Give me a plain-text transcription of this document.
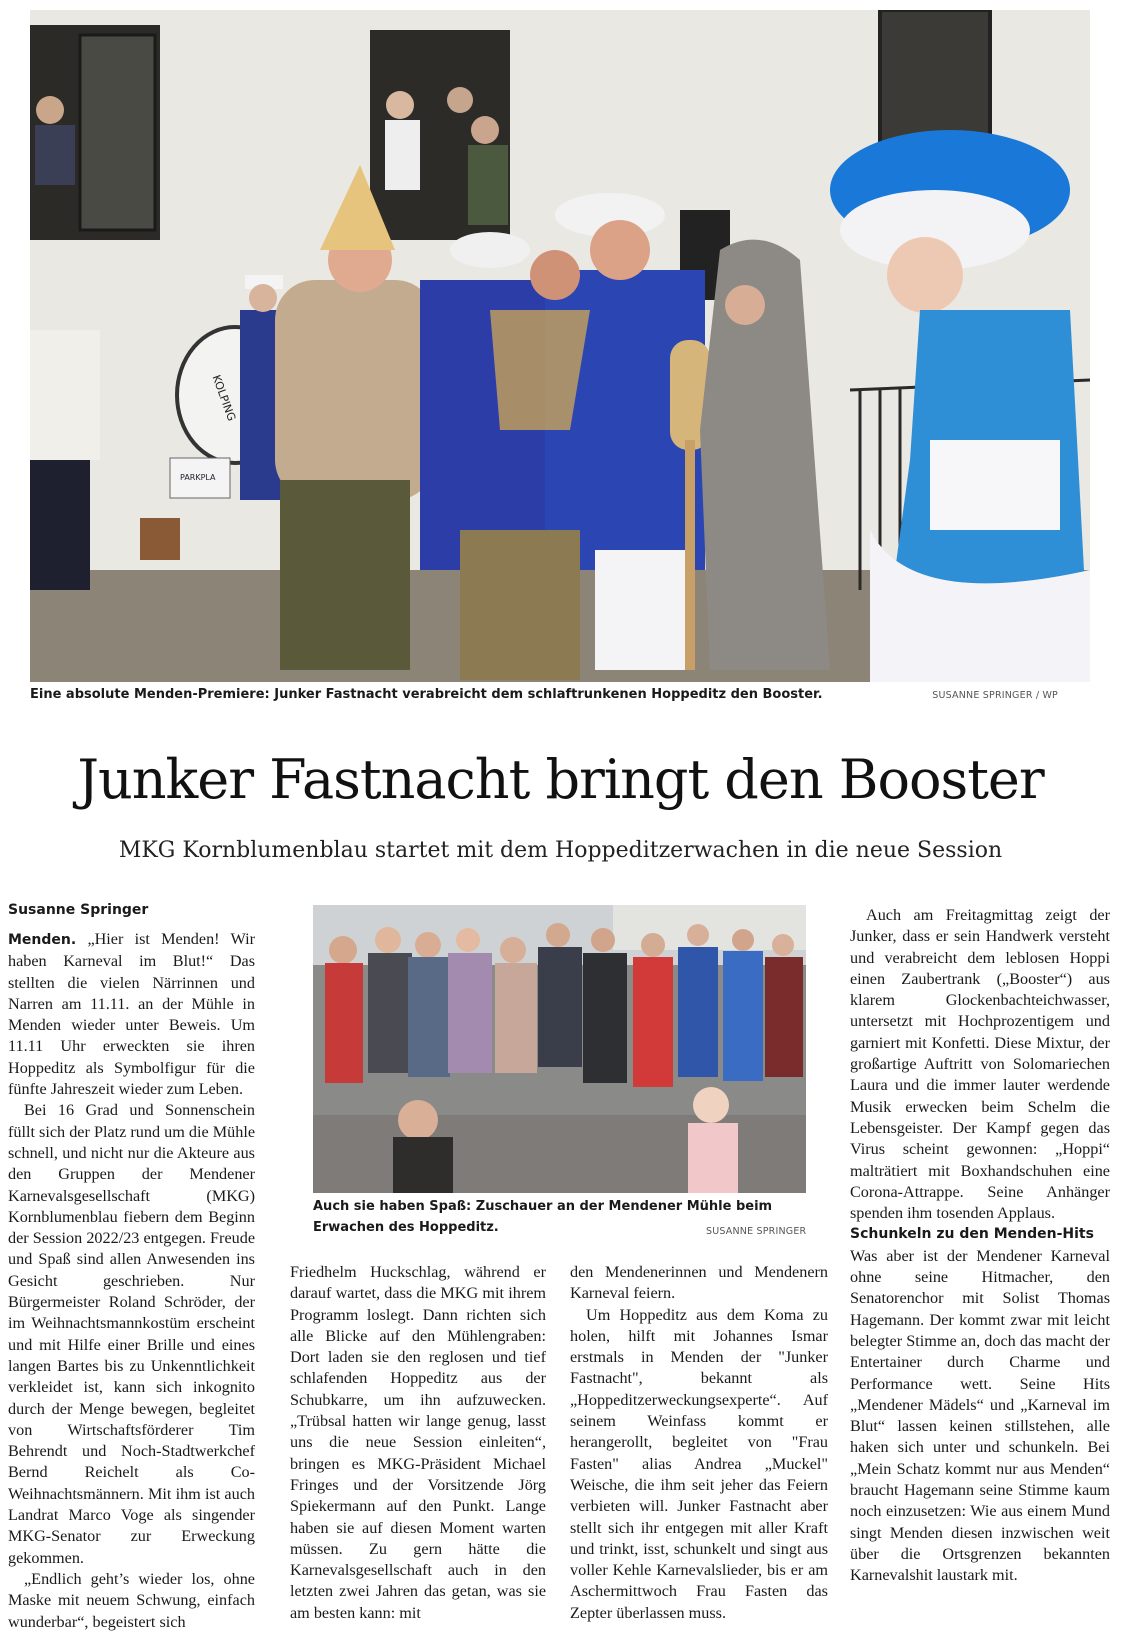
KOLPING
PARKPLA
Eine absolute Menden-Premiere: Junker Fastnacht verabreicht dem schlaftrunkenen Hoppeditz den Booster.	SUSANNE SPRINGER / WP
Junker Fastnacht bringt den Booster
MKG Kornblumenblau startet mit dem Hoppeditzerwachen in die neue Session
Susanne Springer

Menden. „Hier ist Menden! Wir haben Karneval im Blut!“ Das stellten die vielen Närrinnen und Narren am 11.11. an der Mühle in Menden wieder unter Beweis. Um 11.11 Uhr erweckten sie ihren Hoppeditz als Symbolfigur für die fünfte Jahreszeit wieder zum Leben.

Bei 16 Grad und Sonnenschein füllt sich der Platz rund um die Mühle schnell, und nicht nur die Akteure aus den Gruppen der Mendener Karnevalsgesellschaft (MKG) Kornblumenblau fiebern dem Beginn der Session 2022/23 entgegen. Freude und Spaß sind allen Anwesenden ins Gesicht geschrieben. Nur Bürgermeister Roland Schröder, der im Weihnachtsmannkostüm erscheint und mit Hilfe einer Brille und eines langen Bartes bis zu Unkenntlichkeit verkleidet ist, kann sich inkognito durch der Menge bewegen, begleitet von Wirtschaftsförderer Tim Behrendt und Noch-Stadtwerkchef Bernd Reichelt als Co-Weihnachtsmännern. Mit ihm ist auch Landrat Marco Voge als singender MKG-Senator zur Erweckung gekommen.

„Endlich geht’s wieder los, ohne Maske mit neuem Schwung, einfach wunderbar“, begeistert sich

Auch sie haben Spaß: Zuschauer an der Mendener Mühle beim
Erwachen des Hoppeditz.	SUSANNE SPRINGER

Friedhelm Huckschlag, während er darauf wartet, dass die MKG mit ihrem Programm loslegt. Dann richten sich alle Blicke auf den Mühlengraben: Dort laden sie den reglosen und tief schlafenden Hoppeditz aus der Schubkarre, um ihn aufzuwecken. „Trübsal hatten wir lange genug, lasst uns die neue Session einleiten“, bringen es MKG-Präsident Michael Fringes und der Vorsitzende Jörg Spiekermann auf den Punkt. Lange haben sie auf diesen Moment warten müssen. Zu gern hätte die Karnevalsgesellschaft auch in den letzten zwei Jahren das getan, was sie am besten kann: mit

den Mendenerinnen und Mendenern Karneval feiern.

Um Hoppeditz aus dem Koma zu holen, hilft mit Johannes Ismar erstmals in Menden der "Junker Fastnacht", bekannt als „Hoppeditzerweckungsexperte“. Auf seinem Weinfass kommt er herangerollt, begleitet von "Frau Fasten" alias Andrea „Muckel" Weische, die ihm seit jeher das Feiern verbieten will. Junker Fastnacht aber stellt sich ihr entgegen mit aller Kraft und trinkt, isst, schunkelt und singt aus voller Kehle Karnevalslieder, bis er am Aschermittwoch Frau Fasten das Zepter überlassen muss.

Auch am Freitagmittag zeigt der Junker, dass er sein Handwerk versteht und verabreicht dem leblosen Hoppi einen Zaubertrank („Booster“) aus klarem Glockenbachteichwasser, untersetzt mit Hochprozentigem und garniert mit Konfetti. Diese Mixtur, der großartige Auftritt von Solomariechen Laura und die immer lauter werdende Musik erwecken beim Schelm die Lebensgeister. Der Kampf gegen das Virus scheint gewonnen: „Hoppi“ malträtiert mit Boxhandschuhen eine Corona-Attrappe. Seine Anhänger spenden ihm tosenden Applaus.

Schunkeln zu den Menden-Hits

Was aber ist der Mendener Karneval ohne seine Hitmacher, den Senatorenchor mit Solist Thomas Hagemann. Der kommt zwar mit leicht belegter Stimme an, doch das macht der Entertainer durch Charme und Performance wett. Seine Hits „Mendener Mädels“ und „Karneval im Blut“ lassen keinen stillstehen, alle haken sich unter und schunkeln. Bei „Mein Schatz kommt nur aus Menden“ braucht Hagemann seine Stimme kaum noch einzusetzen: Wie aus einem Mund singt Menden diesen inzwischen weit über die Ortsgrenzen bekannten Karnevalshit laustark mit.
